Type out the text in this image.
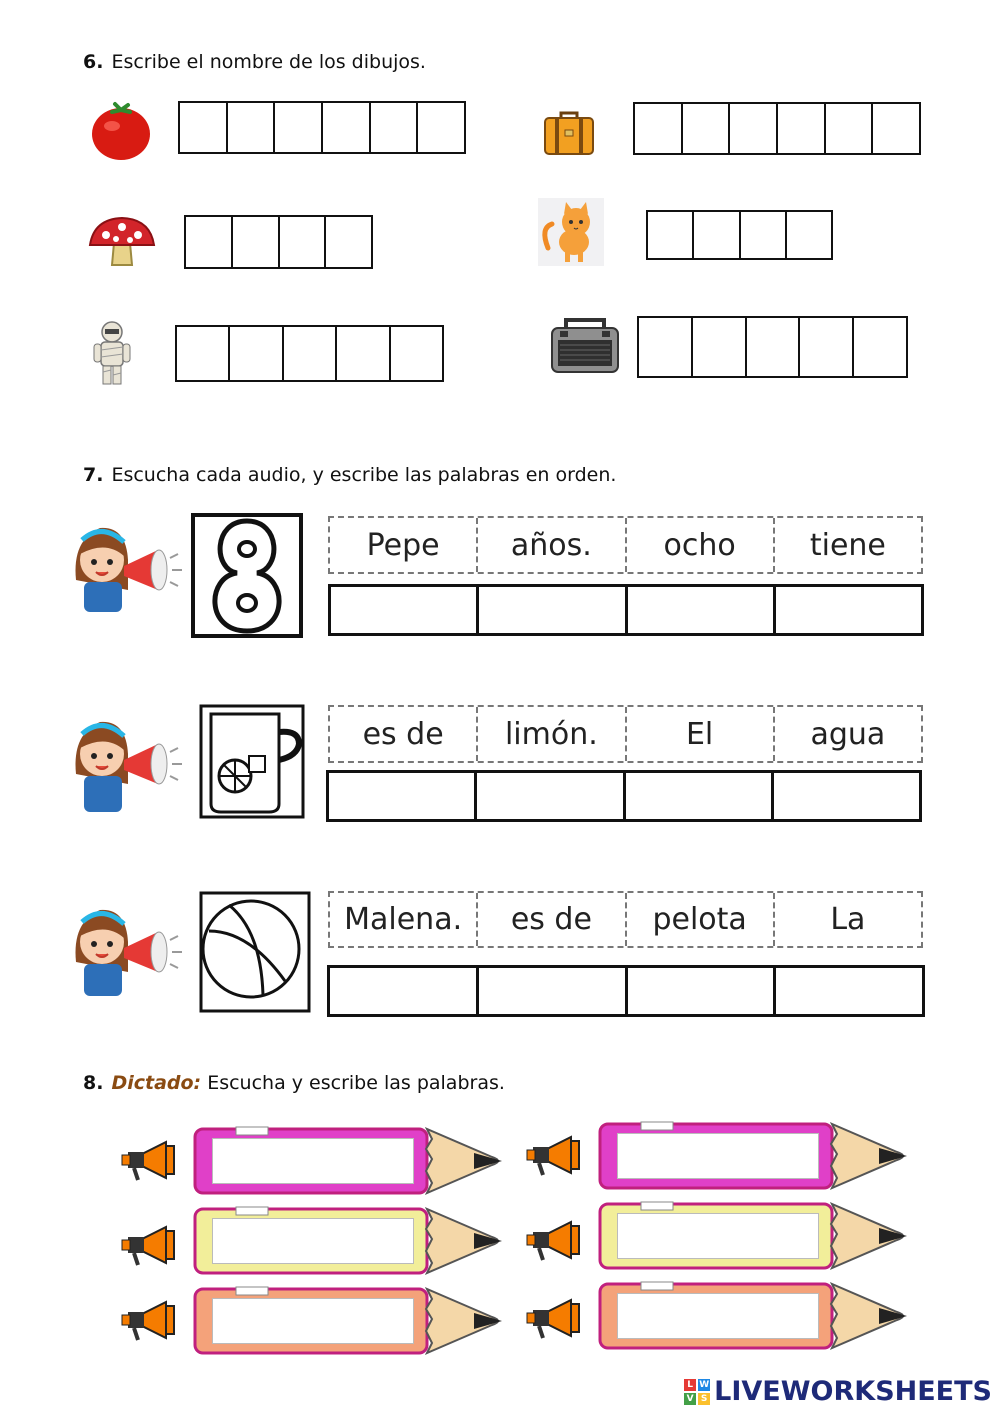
6. Escribe el nombre de los dibujos.
7. Escucha cada audio, y escribe las palabras en orden.
Pepe	años.	ocho	tiene
es de	limón.	El	agua
Malena.	es de	pelota	La
8. Dictado: Escucha y escribe las palabras.
L W
V S LIVEWORKSHEETS
